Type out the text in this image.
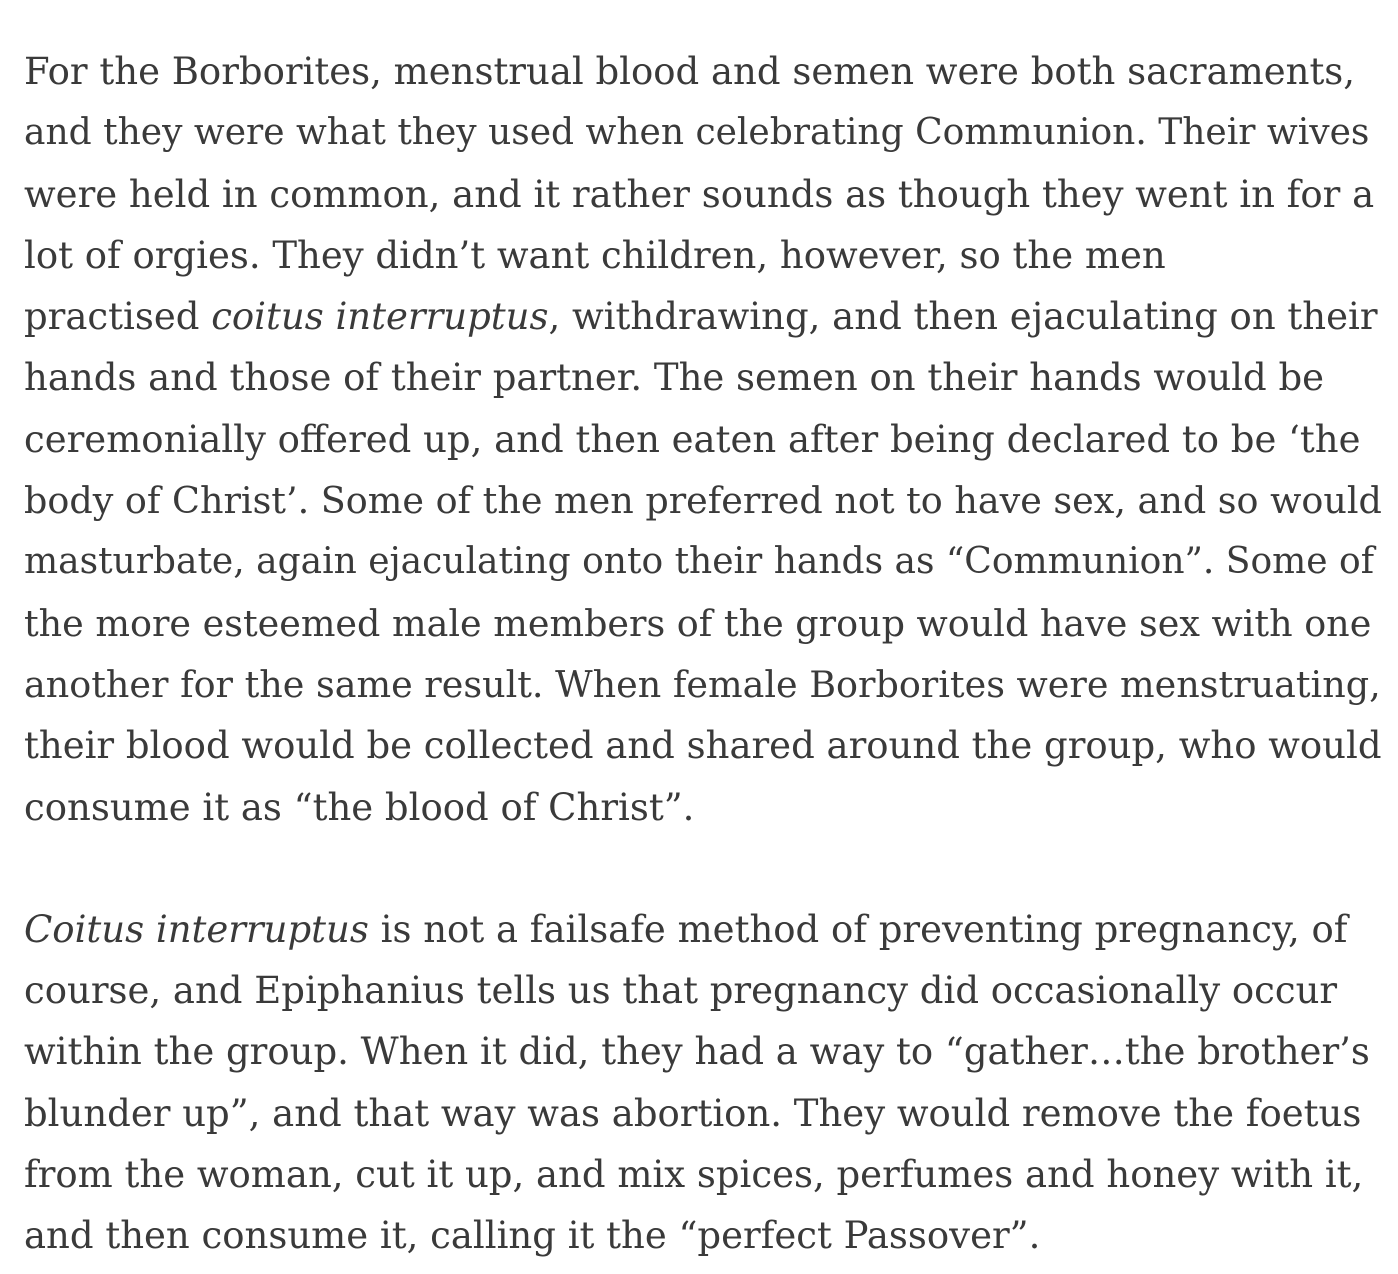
For the Borborites, menstrual blood and semen were both sacraments,
and they were what they used when celebrating Communion. Their wives
were held in common, and it rather sounds as though they went in for a
lot of orgies. They didn’t want children, however, so the men
practised coitus interruptus, withdrawing, and then ejaculating on their
hands and those of their partner. The semen on their hands would be
ceremonially offered up, and then eaten after being declared to be ‘the
body of Christ’. Some of the men preferred not to have sex, and so would
masturbate, again ejaculating onto their hands as “Communion”. Some of
the more esteemed male members of the group would have sex with one
another for the same result. When female Borborites were menstruating,
their blood would be collected and shared around the group, who would
consume it as “the blood of Christ”.

Coitus interruptus is not a failsafe method of preventing pregnancy, of
course, and Epiphanius tells us that pregnancy did occasionally occur
within the group. When it did, they had a way to “gather…the brother’s
blunder up”, and that way was abortion. They would remove the foetus
from the woman, cut it up, and mix spices, perfumes and honey with it,
and then consume it, calling it the “perfect Passover”.
